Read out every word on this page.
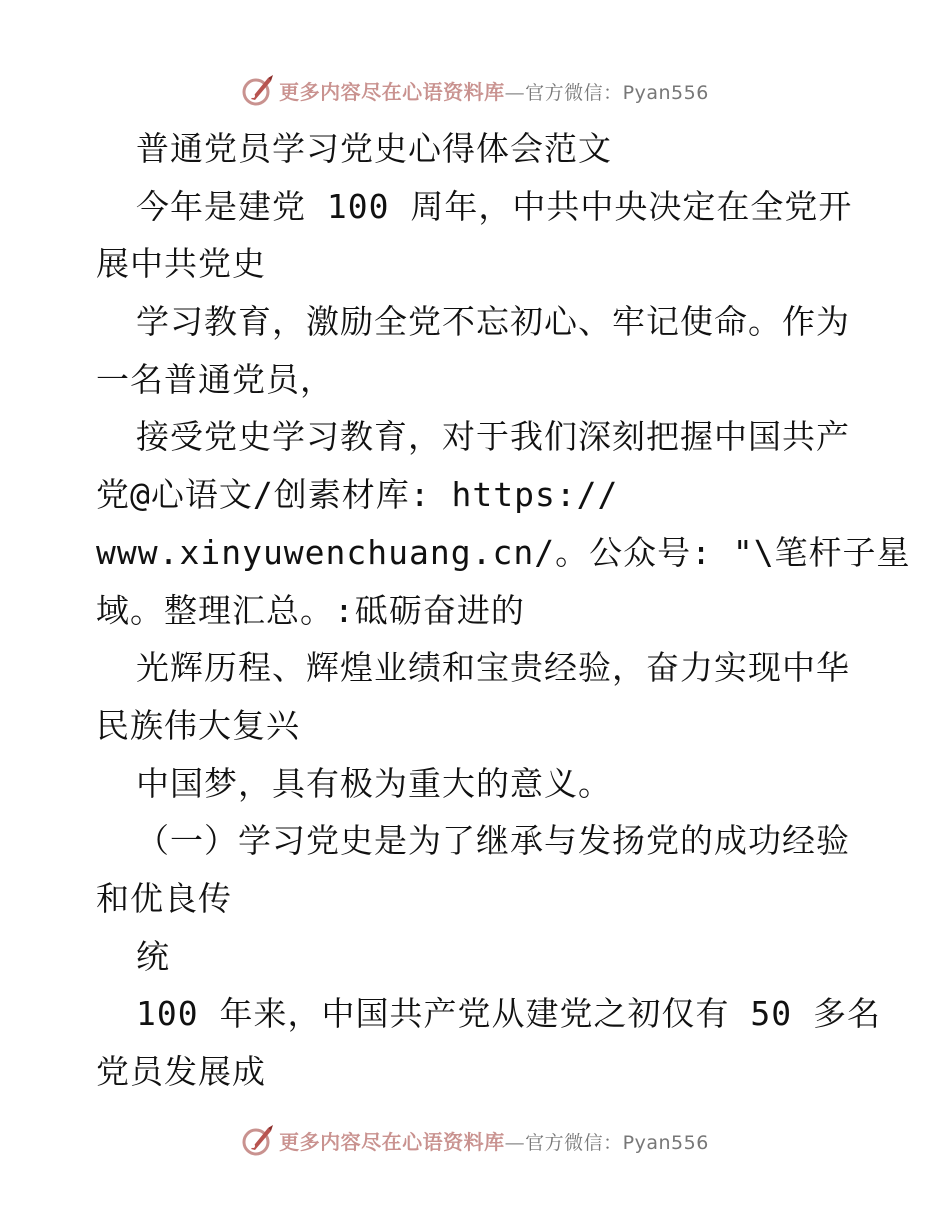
更多内容尽在心语资料库—官方微信：Pyan556
普通党员学习党史心得体会范文
今年是建党 100 周年，中共中央决定在全党开
展中共党史
学习教育，激励全党不忘初心、牢记使命。作为
一名普通党员，
接受党史学习教育，对于我们深刻把握中国共产
党@心语文/创素材库: https://
www.xinyuwenchuang.cn/。公众号: "\笔杆子星
域。整理汇总。:砥砺奋进的
光辉历程、辉煌业绩和宝贵经验，奋力实现中华
民族伟大复兴
中国梦，具有极为重大的意义。
（一）学习党史是为了继承与发扬党的成功经验
和优良传
统
100 年来，中国共产党从建党之初仅有 50 多名
党员发展成
更多内容尽在心语资料库—官方微信：Pyan556
